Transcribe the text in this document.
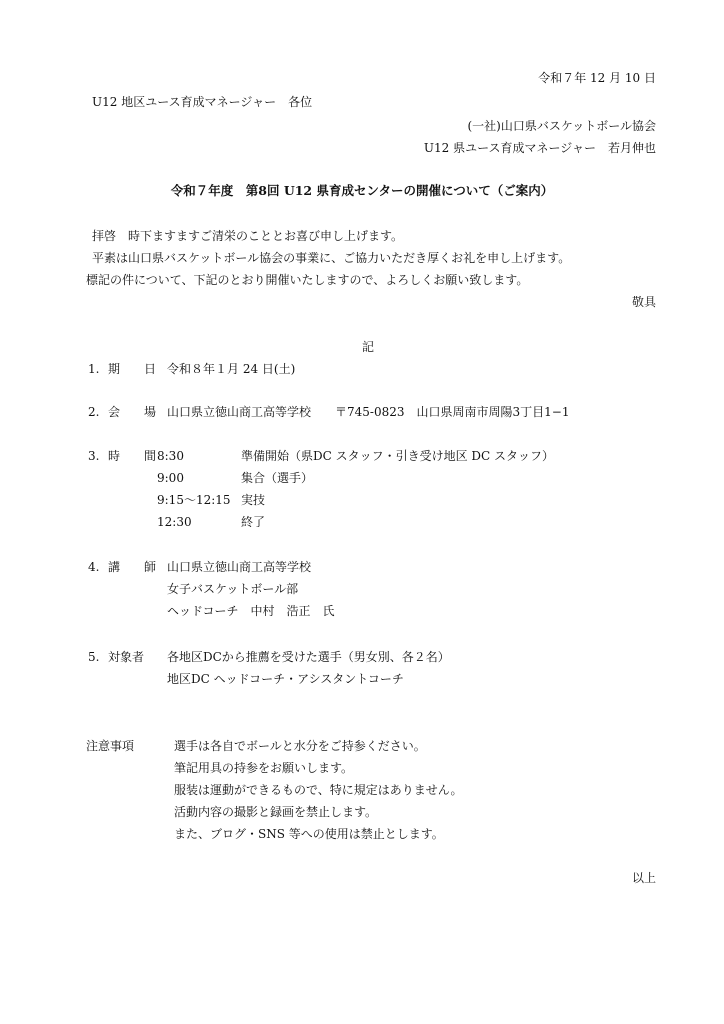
令和７年 12 月 10 日
U12 地区ユース育成マネージャー　各位
(一社)山口県バスケットボール協会
U12 県ユース育成マネージャー　若月伸也
令和７年度　第8回 U12 県育成センターの開催について（ご案内）
拝啓　時下ますますご清栄のこととお喜び申し上げます。
平素は山口県バスケットボール協会の事業に、ご協力いただき厚くお礼を申し上げます。
標記の件について、下記のとおり開催いたしますので、よろしくお願い致します。
敬具
記
1. 期　　日 令和８年１月 24 日(土)
2. 会　　場 山口県立徳山商工高等学校　　〒745-0823　山口県周南市周陽3丁目1−1
3. 時　　間 8:30	準備開始（県DC スタッフ・引き受け地区 DC スタッフ）
9:00	集合（選手）
9:15〜12:15 実技
12:30	終了
4. 講　　師 山口県立徳山商工高等学校
女子バスケットボール部
ヘッドコーチ　中村　浩正　氏
5. 対象者 各地区DCから推薦を受けた選手（男女別、各２名）
地区DC ヘッドコーチ・アシスタントコーチ
注意事項	選手は各自でボールと水分をご持参ください。
筆記用具の持参をお願いします。
服装は運動ができるもので、特に規定はありません。
活動内容の撮影と録画を禁止します。
また、ブログ・SNS 等への使用は禁止とします。
以上
